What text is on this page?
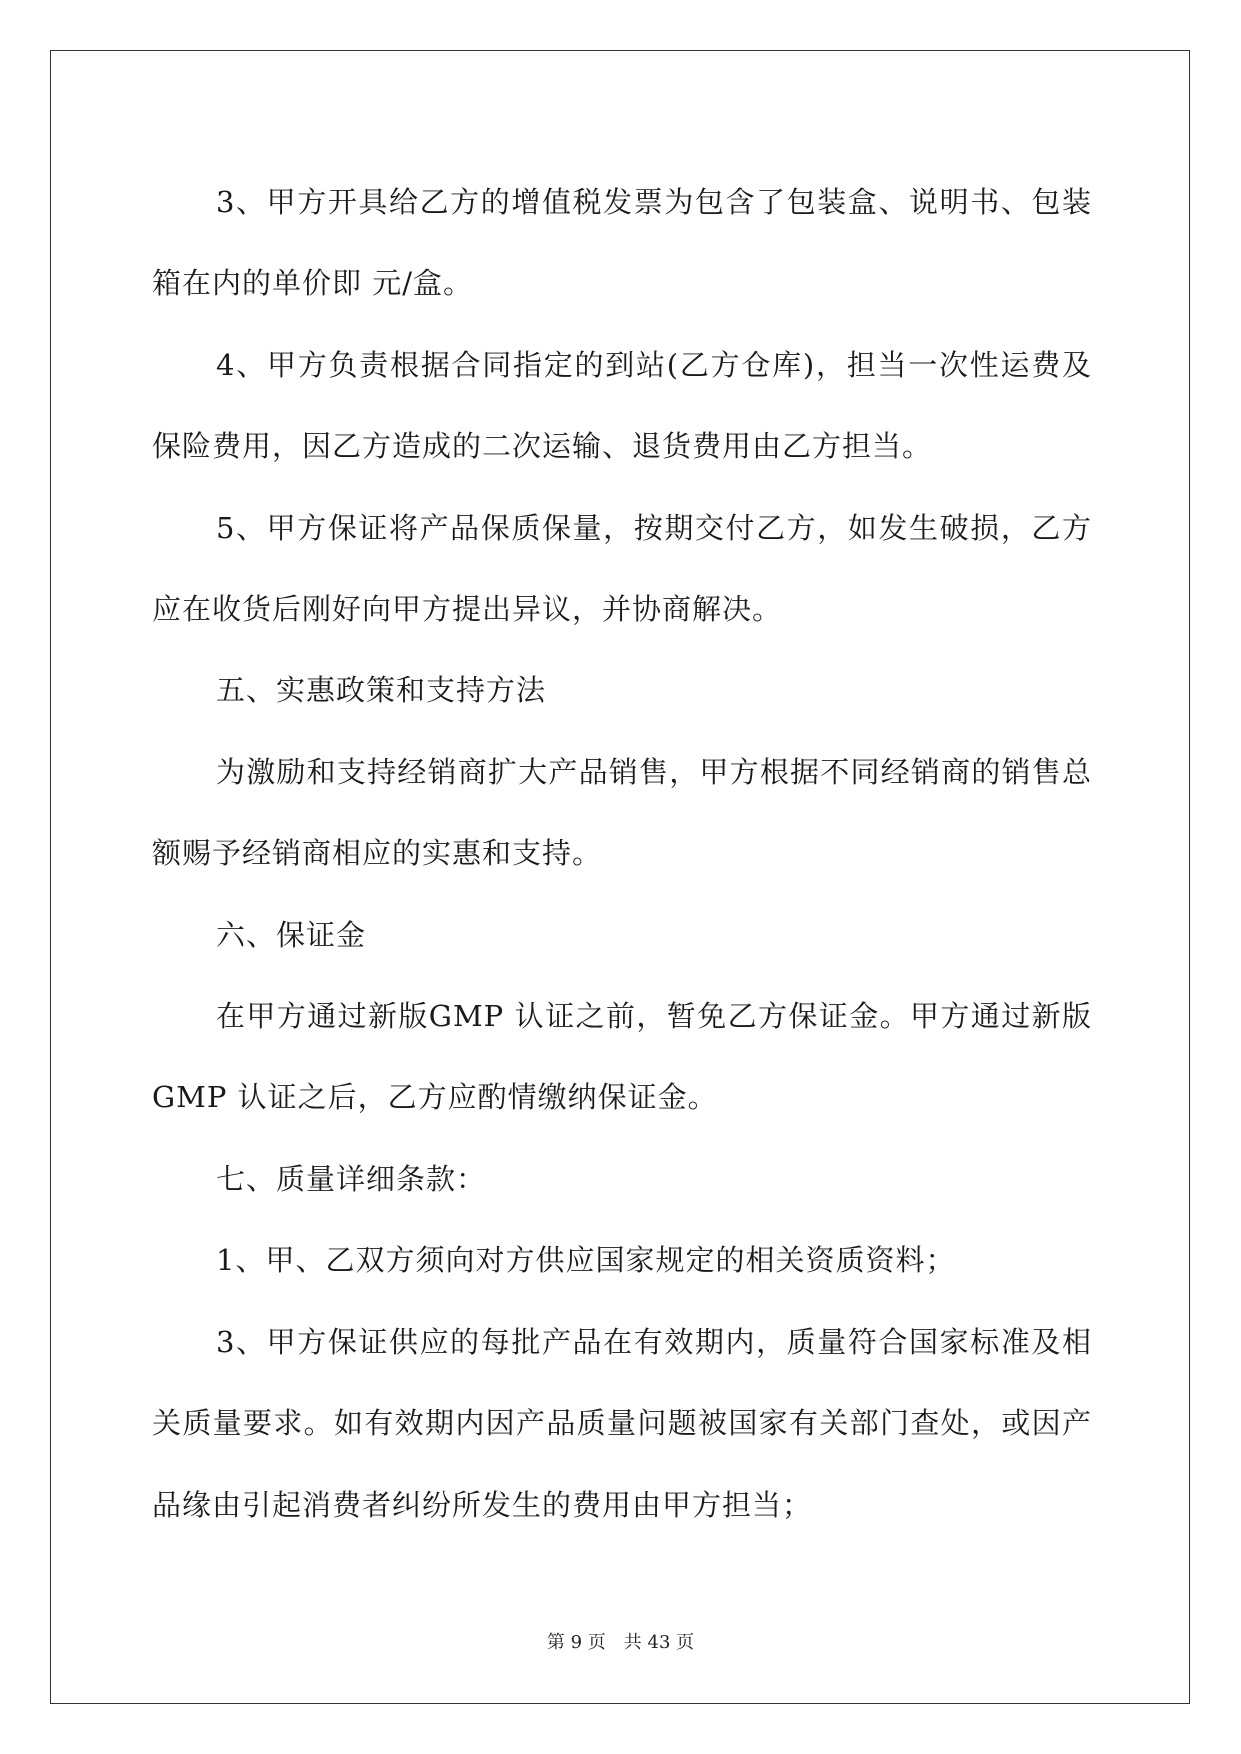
3、甲方开具给乙方的增值税发票为包含了包装盒、说明书、包装箱在内的单价即 元/盒。

4、甲方负责根据合同指定的到站(乙方仓库)，担当一次性运费及保险费用，因乙方造成的二次运输、退货费用由乙方担当。

5、甲方保证将产品保质保量，按期交付乙方，如发生破损，乙方应在收货后刚好向甲方提出异议，并协商解决。

五、实惠政策和支持方法

为激励和支持经销商扩大产品销售，甲方根据不同经销商的销售总额赐予经销商相应的实惠和支持。

六、保证金

在甲方通过新版GMP 认证之前，暂免乙方保证金。甲方通过新版GMP 认证之后，乙方应酌情缴纳保证金。

七、质量详细条款：

1、甲、乙双方须向对方供应国家规定的相关资质资料；

3、甲方保证供应的每批产品在有效期内，质量符合国家标准及相关质量要求。如有效期内因产品质量问题被国家有关部门查处，或因产品缘由引起消费者纠纷所发生的费用由甲方担当；

第 9 页 共 43 页
